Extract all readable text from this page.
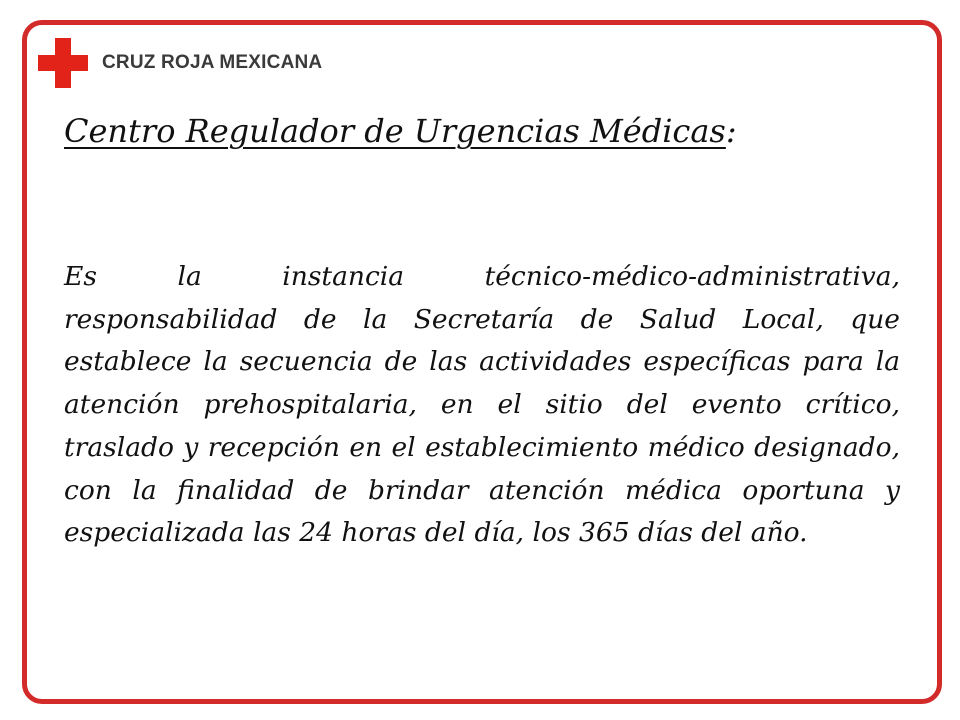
CRUZ ROJA MEXICANA
Centro Regulador de Urgencias Médicas:

Es la instancia técnico-médico-administrativa, responsabilidad de la Secretaría de Salud Local, que establece la secuencia de las actividades específicas para la atención prehospitalaria, en el sitio del evento crítico, traslado y recepción en el establecimiento médico designado, con la finalidad de brindar atención médica oportuna y especializada las 24 horas del día, los 365 días del año.
